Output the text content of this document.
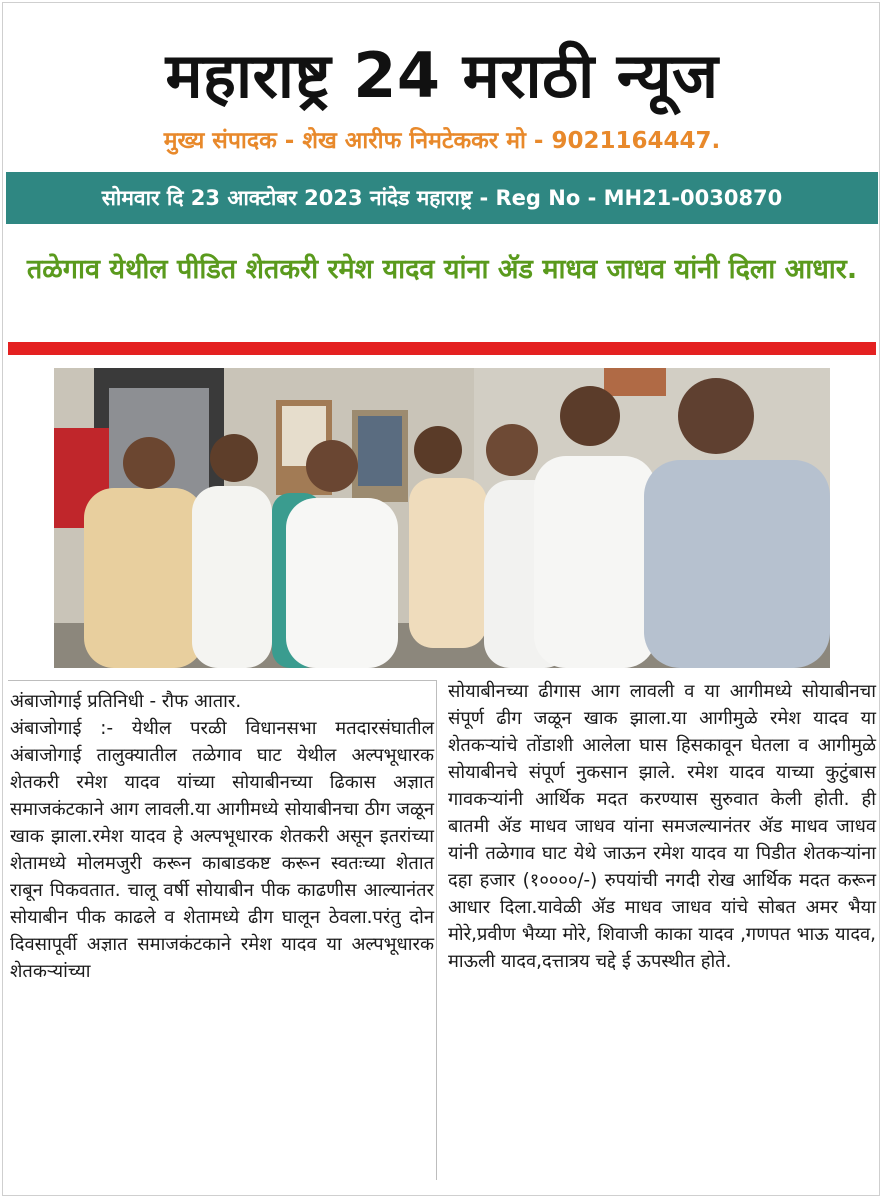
महाराष्ट्र 24 मराठी न्यूज
मुख्य संपादक - शेख आरीफ निमटेककर मो - 9021164447.
सोमवार दि 23 आक्टोबर 2023 नांदेड महाराष्ट्र - Reg No - MH21-0030870
तळेगाव येथील पीडित शेतकरी रमेश यादव यांना ॲड माधव जाधव यांनी दिला आधार.

अंबाजोगाई प्रतिनिधी - रौफ आतार.

अंबाजोगाई :- येथील परळी विधानसभा मतदारसंघातील अंबाजोगाई तालुक्यातील तळेगाव घाट येथील अल्पभूधारक शेतकरी रमेश यादव यांच्या सोयाबीनच्या ढिकास अज्ञात समाजकंटकाने आग लावली.या आगीमध्ये सोयाबीनचा ठीग जळून खाक झाला.रमेश यादव हे अल्पभूधारक शेतकरी असून इतरांच्या शेतामध्ये मोलमजुरी करून काबाडकष्ट करून स्वतःच्या शेतात राबून पिकवतात. चालू वर्षी सोयाबीन पीक काढणीस आल्यानंतर सोयाबीन पीक काढले व शेतामध्ये ढीग घालून ठेवला.परंतु दोन दिवसापूर्वी अज्ञात समाजकंटकाने रमेश यादव या अल्पभूधारक शेतकऱ्यांच्या

सोयाबीनच्या ढीगास आग लावली व या आगीमध्ये सोयाबीनचा संपूर्ण ढीग जळून खाक झाला.या आगीमुळे रमेश यादव या शेतकऱ्यांचे तोंडाशी आलेला घास हिसकावून घेतला व आगीमुळे सोयाबीनचे संपूर्ण नुकसान झाले. रमेश यादव याच्या कुटुंबास गावकऱ्यांनी आर्थिक मदत करण्यास सुरुवात केली होती. ही बातमी ॲड माधव जाधव यांना समजल्यानंतर ॲड माधव जाधव यांनी तळेगाव घाट येथे जाऊन रमेश यादव या पिडीत शेतकऱ्यांना दहा हजार (१००००/-) रुपयांची नगदी रोख आर्थिक मदत करून आधार दिला.यावेळी ॲड माधव जाधव यांचे सोबत अमर भैया मोरे,प्रवीण भैय्या मोरे, शिवाजी काका यादव ,गणपत भाऊ यादव, माऊली यादव,दत्तात्रय चद्दे ई ऊपस्थीत होते.
